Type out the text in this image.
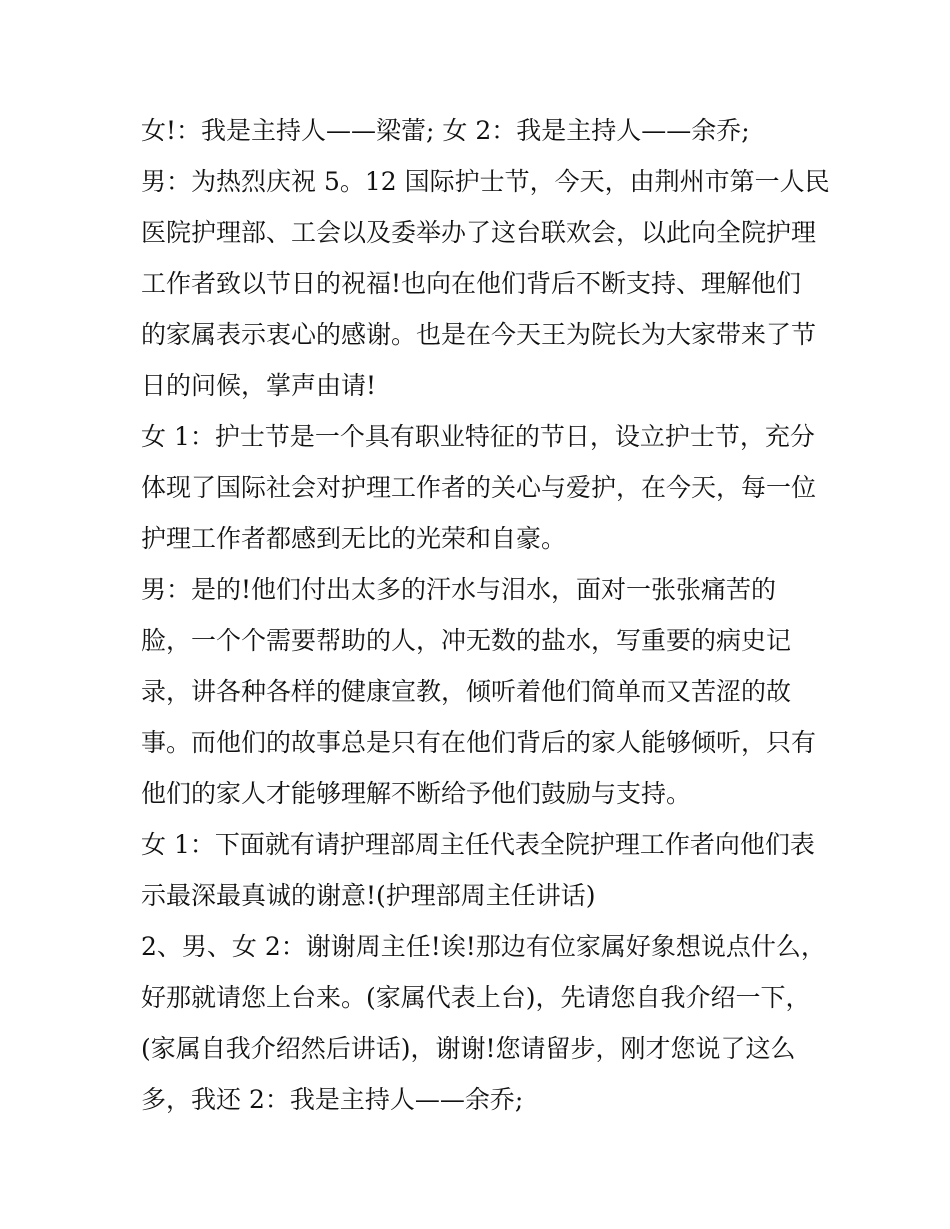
女!：我是主持人——梁蕾; 女 2：我是主持人——余乔;

男：为热烈庆祝 5。12 国际护士节，今天，由荆州市第一人民
医院护理部、工会以及委举办了这台联欢会，以此向全院护理
工作者致以节日的祝福!也向在他们背后不断支持、理解他们
的家属表示衷心的感谢。也是在今天王为院长为大家带来了节
日的问候，掌声由请!

女 1：护士节是一个具有职业特征的节日，设立护士节，充分
体现了国际社会对护理工作者的关心与爱护，在今天，每一位
护理工作者都感到无比的光荣和自豪。

男：是的!他们付出太多的汗水与泪水，面对一张张痛苦的
脸，一个个需要帮助的人，冲无数的盐水，写重要的病史记
录，讲各种各样的健康宣教，倾听着他们简单而又苦涩的故
事。而他们的故事总是只有在他们背后的家人能够倾听，只有
他们的家人才能够理解不断给予他们鼓励与支持。

女 1：下面就有请护理部周主任代表全院护理工作者向他们表
示最深最真诚的谢意!(护理部周主任讲话)

2、男、女 2：谢谢周主任!诶!那边有位家属好象想说点什么，
好那就请您上台来。(家属代表上台)，先请您自我介绍一下，
(家属自我介绍然后讲话)，谢谢!您请留步，刚才您说了这么
多，我还 2：我是主持人——余乔;
